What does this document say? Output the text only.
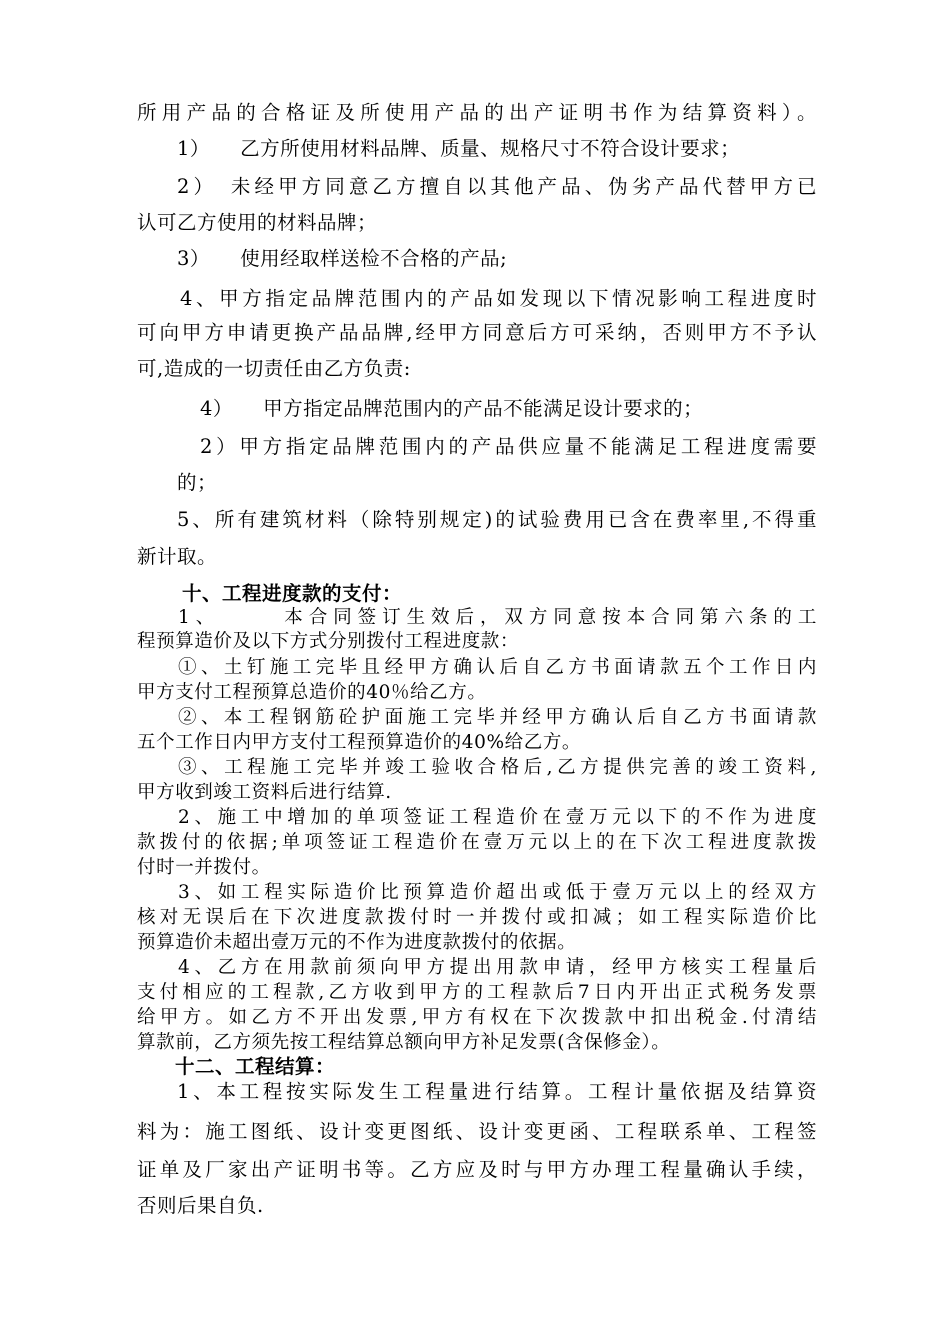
所用产品的合格证及所使用产品的出产证明书作为结算资料）。
1）　　乙方所使用材料品牌、质量、规格尺寸不符合设计要求；
2）　未经甲方同意乙方擅自以其他产品、伪劣产品代替甲方已
认可乙方使用的材料品牌；
3）　　使用经取样送检不合格的产品;
4、甲方指定品牌范围内的产品如发现以下情况影响工程进度时
可向甲方申请更换产品品牌,经甲方同意后方可采纳，否则甲方不予认
可,造成的一切责任由乙方负责:
4）　　甲方指定品牌范围内的产品不能满足设计要求的；
2）甲方指定品牌范围内的产品供应量不能满足工程进度需要
的；
5、所有建筑材料（除特别规定)的试验费用已含在费率里,不得重
新计取。
十、工程进度款的支付：
1、　　　本合同签订生效后，双方同意按本合同第六条的工
程预算造价及以下方式分别拨付工程进度款：
①、土钉施工完毕且经甲方确认后自乙方书面请款五个工作日内
甲方支付工程预算总造价的40％给乙方。
②、本工程钢筋砼护面施工完毕并经甲方确认后自乙方书面请款
五个工作日内甲方支付工程预算造价的40%给乙方。
③、工程施工完毕并竣工验收合格后,乙方提供完善的竣工资料,
甲方收到竣工资料后进行结算.
2、施工中增加的单项签证工程造价在壹万元以下的不作为进度
款拨付的依据;单项签证工程造价在壹万元以上的在下次工程进度款拨
付时一并拨付。
3、如工程实际造价比预算造价超出或低于壹万元以上的经双方
核对无误后在下次进度款拨付时一并拨付或扣减；如工程实际造价比
预算造价未超出壹万元的不作为进度款拨付的依据。
4、乙方在用款前须向甲方提出用款申请，经甲方核实工程量后
支付相应的工程款,乙方收到甲方的工程款后7日内开出正式税务发票
给甲方。如乙方不开出发票,甲方有权在下次拨款中扣出税金.付清结
算款前，乙方须先按工程结算总额向甲方补足发票(含保修金）。
十二、工程结算：
1、本工程按实际发生工程量进行结算。工程计量依据及结算资
料为：施工图纸、设计变更图纸、设计变更函、工程联系单、工程签
证单及厂家出产证明书等。乙方应及时与甲方办理工程量确认手续，
否则后果自负.
